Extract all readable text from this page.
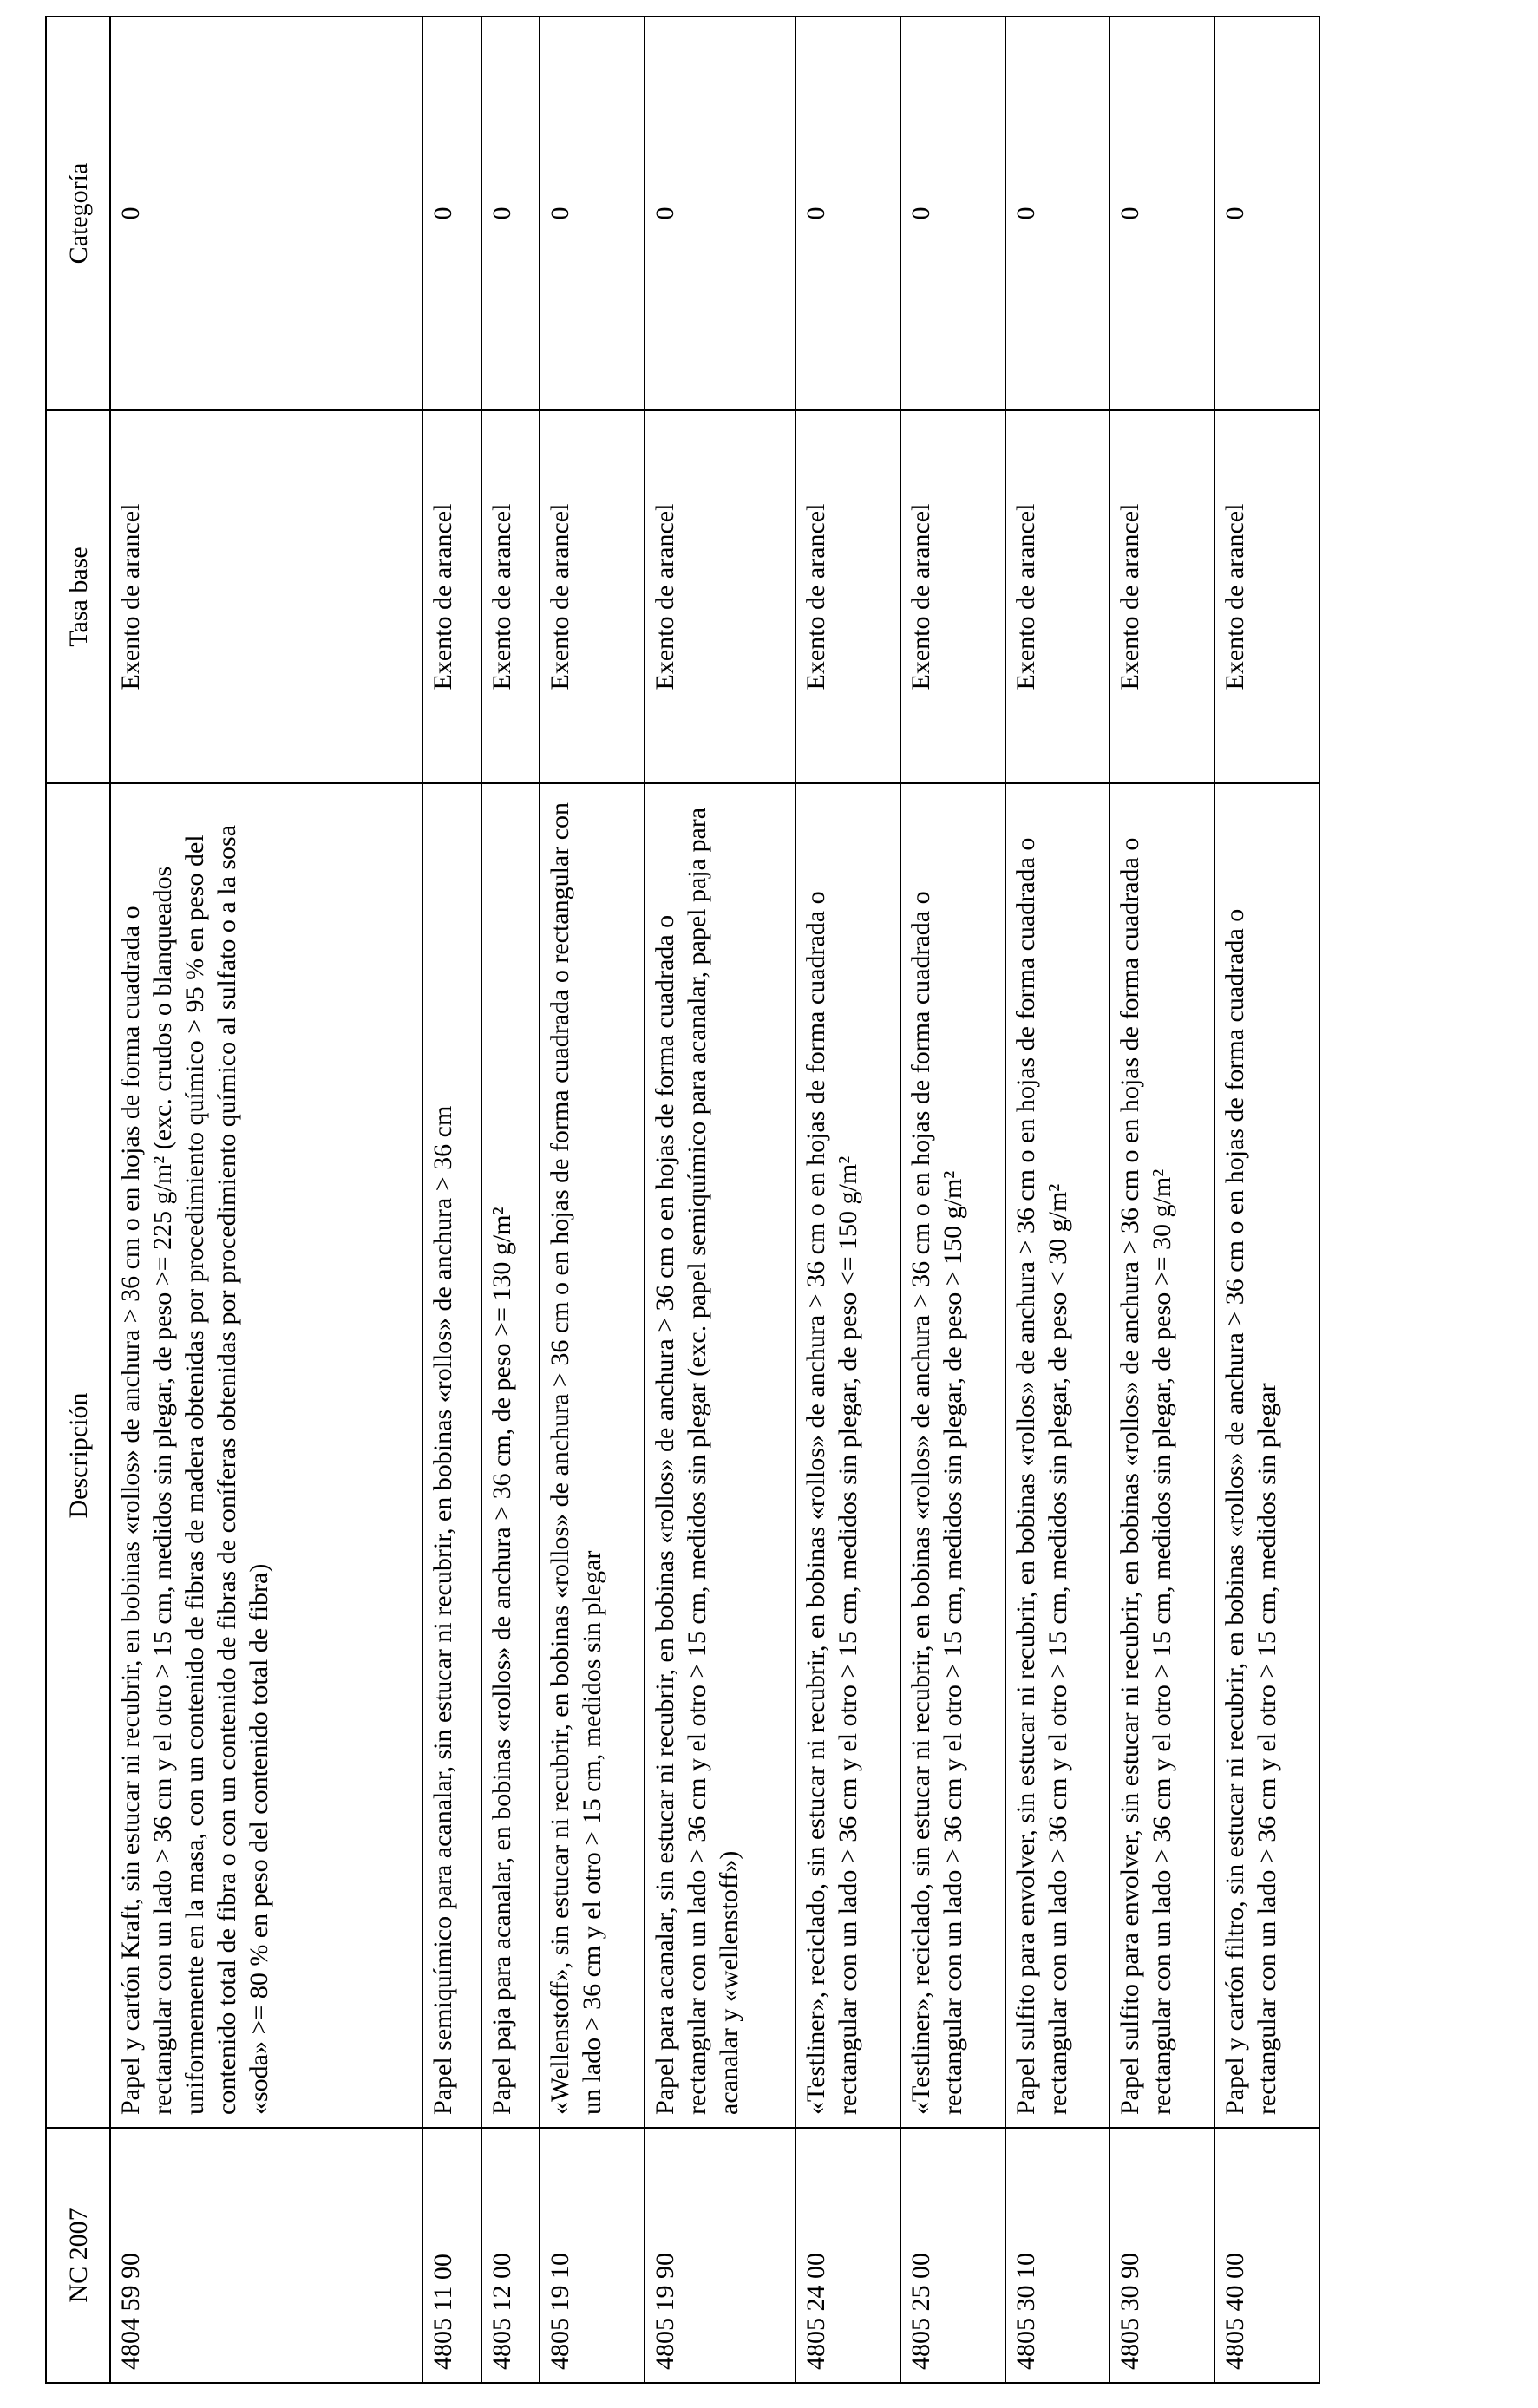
NC 2007	Descripción	Tasa base	Categoría
4804 59 90	Papel y cartón Kraft, sin estucar ni recubrir, en bobinas «rollos» de anchura > 36 cm o en hojas de forma cuadrada o rectangular con un lado > 36 cm y el otro > 15 cm, medidos sin plegar, de peso >= 225 g/m² (exc. crudos o blanqueados uniformemente en la masa, con un contenido de fibras de madera obtenidas por procedimiento químico > 95 % en peso del contenido total de fibra o con un contenido de fibras de coníferas obtenidas por procedimiento químico al sulfato o a la sosa «soda» >= 80 % en peso del contenido total de fibra)	Exento de arancel	0
4805 11 00	Papel semiquímico para acanalar, sin estucar ni recubrir, en bobinas «rollos» de anchura > 36 cm	Exento de arancel	0
4805 12 00	Papel paja para acanalar, en bobinas «rollos» de anchura > 36 cm, de peso >= 130 g/m²	Exento de arancel	0
4805 19 10	«Wellenstoff», sin estucar ni recubrir, en bobinas «rollos» de anchura > 36 cm o en hojas de forma cuadrada o rectangular con un lado > 36 cm y el otro > 15 cm, medidos sin plegar	Exento de arancel	0
4805 19 90	Papel para acanalar, sin estucar ni recubrir, en bobinas «rollos» de anchura > 36 cm o en hojas de forma cuadrada o rectangular con un lado > 36 cm y el otro > 15 cm, medidos sin plegar (exc. papel semiquímico para acanalar, papel paja para acanalar y «wellenstoff»)	Exento de arancel	0
4805 24 00	«Testliner», reciclado, sin estucar ni recubrir, en bobinas «rollos» de anchura > 36 cm o en hojas de forma cuadrada o rectangular con un lado > 36 cm y el otro > 15 cm, medidos sin plegar, de peso <= 150 g/m²	Exento de arancel	0
4805 25 00	«Testliner», reciclado, sin estucar ni recubrir, en bobinas «rollos» de anchura > 36 cm o en hojas de forma cuadrada o rectangular con un lado > 36 cm y el otro > 15 cm, medidos sin plegar, de peso > 150 g/m²	Exento de arancel	0
4805 30 10	Papel sulfito para envolver, sin estucar ni recubrir, en bobinas «rollos» de anchura > 36 cm o en hojas de forma cuadrada o rectangular con un lado > 36 cm y el otro > 15 cm, medidos sin plegar, de peso < 30 g/m²	Exento de arancel	0
4805 30 90	Papel sulfito para envolver, sin estucar ni recubrir, en bobinas «rollos» de anchura > 36 cm o en hojas de forma cuadrada o rectangular con un lado > 36 cm y el otro > 15 cm, medidos sin plegar, de peso >= 30 g/m²	Exento de arancel	0
4805 40 00	Papel y cartón filtro, sin estucar ni recubrir, en bobinas «rollos» de anchura > 36 cm o en hojas de forma cuadrada o rectangular con un lado > 36 cm y el otro > 15 cm, medidos sin plegar	Exento de arancel	0
